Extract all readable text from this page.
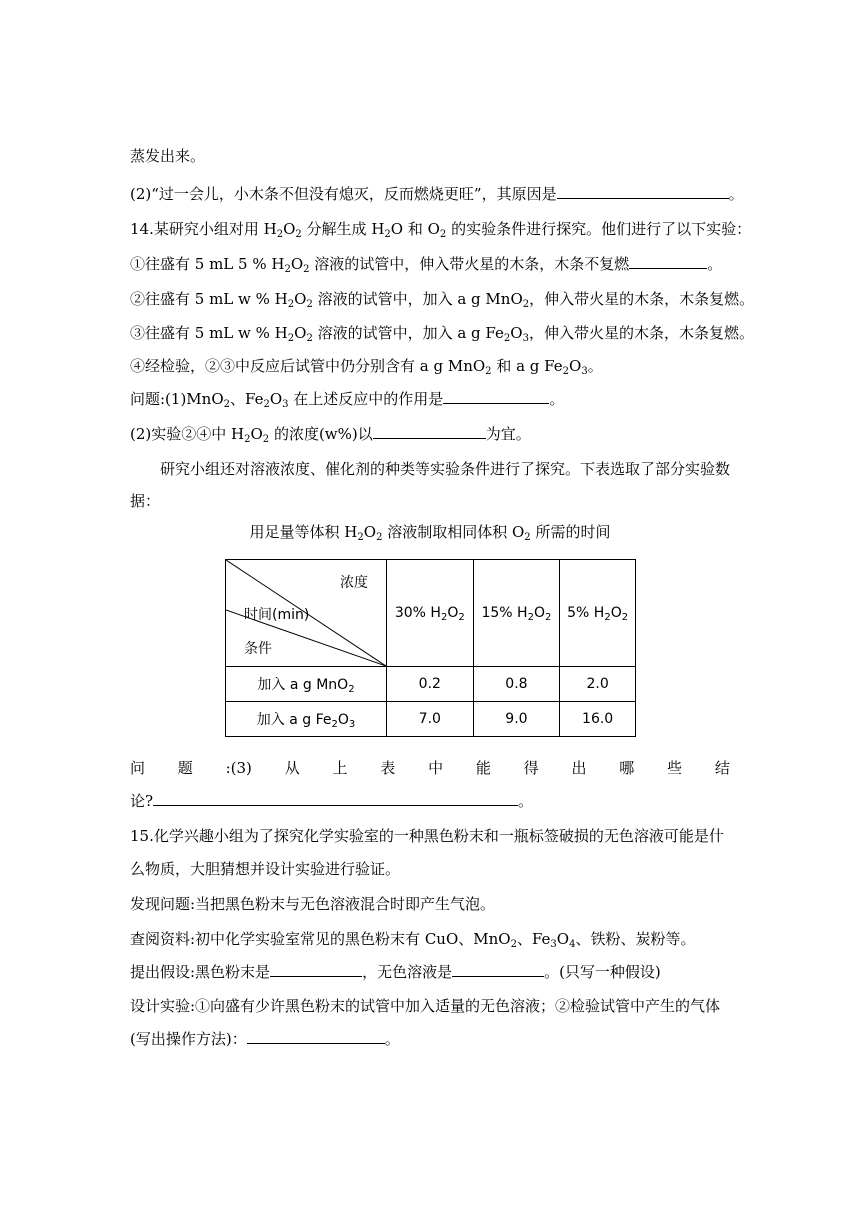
蒸发出来。
(2)“过一会儿，小木条不但没有熄灭，反而燃烧更旺”，其原因是	。
14.某研究小组对用 $H_2O_2$ 分解生成 $H_2O$ 和 $O_2$ 的实验条件进行探究。他们进行了以下实验：
①往盛有 5 mL 5 % $H_2O_2$ 溶液的试管中，伸入带火星的木条，木条不复燃	。
②往盛有 5 mL w % $H_2O_2$ 溶液的试管中，加入 a g MnO$_2$，伸入带火星的木条，木条复燃。
③往盛有 5 mL w % $H_2O_2$ 溶液的试管中，加入 a g $Fe_2O_3$，伸入带火星的木条，木条复燃。
④经检验，②③中反应后试管中仍分别含有 a g MnO$_2$ 和 a g $Fe_2O_3$。
问题:(1)MnO$_2$、$Fe_2O_3$ 在上述反应中的作用是	。
(2)实验②④中 $H_2O_2$ 的浓度(w%)以	为宜。
研究小组还对溶液浓度、催化剂的种类等实验条件进行了探究。下表选取了部分实验数
据：
用足量等体积 $H_2O_2$ 溶液制取相同体积 $O_2$ 所需的时间
浓度
时间(min)
条件	30% $H_2O_2$	15% $H_2O_2$	5% $H_2O_2$
加入 a g MnO$_2$	0.2	0.8	2.0
加入 a g $Fe_2O_3$	7.0	9.0	16.0
问 题 :(3) 从 上 表 中 能 得 出 哪 些 结
论?	。
15.化学兴趣小组为了探究化学实验室的一种黑色粉末和一瓶标签破损的无色溶液可能是什
么物质，大胆猜想并设计实验进行验证。
发现问题:当把黑色粉末与无色溶液混合时即产生气泡。
查阅资料:初中化学实验室常见的黑色粉末有 CuO、MnO$_2$、$Fe_3O_4$、铁粉、炭粉等。
提出假设:黑色粉末是	，无色溶液是	。(只写一种假设)
设计实验:①向盛有少许黑色粉末的试管中加入适量的无色溶液；②检验试管中产生的气体
(写出操作方法)：	。
